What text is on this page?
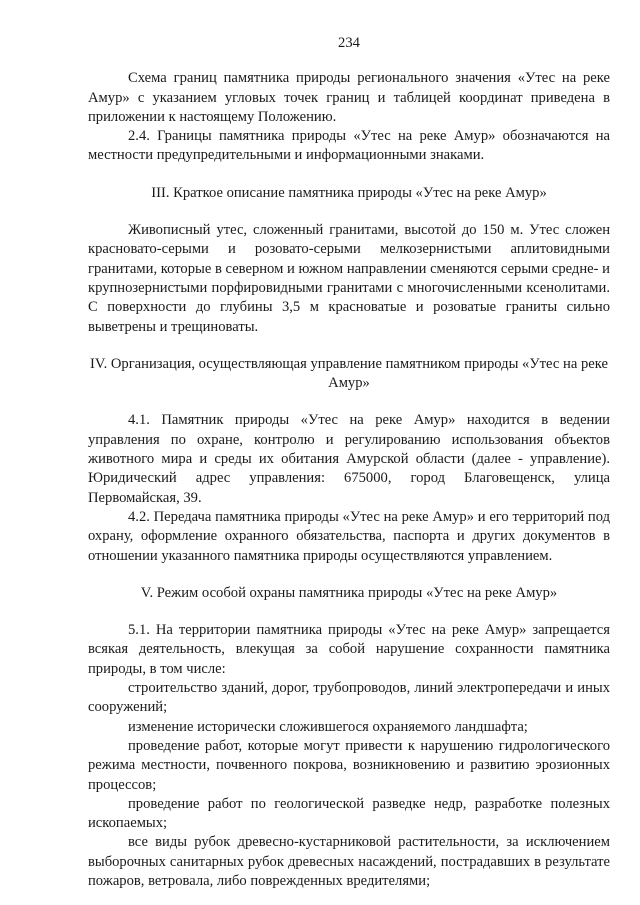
234

Схема границ памятника природы регионального значения «Утес на реке Амур» с указанием угловых точек границ и таблицей координат приведена в приложении к настоящему Положению.

2.4. Границы памятника природы «Утес на реке Амур» обозначаются на местности предупредительными и информационными знаками.

III. Краткое описание памятника природы «Утес на реке Амур»

Живописный утес, сложенный гранитами, высотой до 150 м. Утес сложен красновато-серыми и розовато-серыми мелкозернистыми аплитовидными гранитами, которые в северном и южном направлении сменяются серыми средне- и крупнозернистыми порфировидными гранитами с многочисленными ксенолитами. С поверхности до глубины 3,5 м красноватые и розоватые граниты сильно выветрены и трещиноваты.

IV. Организация, осуществляющая управление памятником природы «Утес на реке Амур»

4.1. Памятник природы «Утес на реке Амур» находится в ведении управления по охране, контролю и регулированию использования объектов животного мира и среды их обитания Амурской области (далее - управление). Юридический адрес управления: 675000, город Благовещенск, улица Первомайская, 39.

4.2. Передача памятника природы «Утес на реке Амур» и его территорий под охрану, оформление охранного обязательства, паспорта и других документов в отношении указанного памятника природы осуществляются управлением.

V. Режим особой охраны памятника природы «Утес на реке Амур»

5.1. На территории памятника природы «Утес на реке Амур» запрещается всякая деятельность, влекущая за собой нарушение сохранности памятника природы, в том числе:

строительство зданий, дорог, трубопроводов, линий электропередачи и иных сооружений;

изменение исторически сложившегося охраняемого ландшафта;

проведение работ, которые могут привести к нарушению гидрологического режима местности, почвенного покрова, возникновению и развитию эрозионных процессов;

проведение работ по геологической разведке недр, разработке полезных ископаемых;

все виды рубок древесно-кустарниковой растительности, за исключением выборочных санитарных рубок древесных насаждений, пострадавших в результате пожаров, ветровала, либо поврежденных вредителями;
